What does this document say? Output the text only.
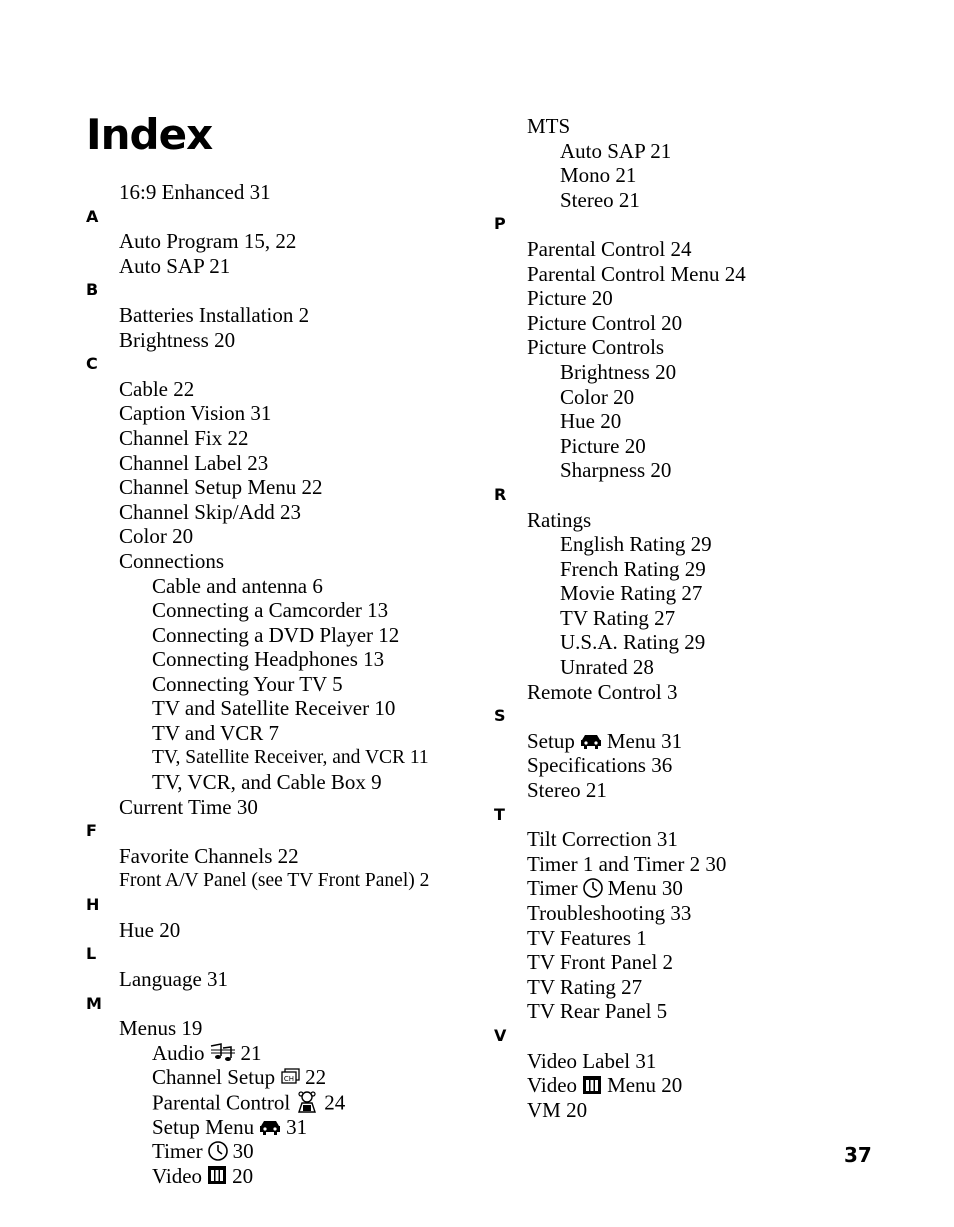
Index
16:9 Enhanced 31
A
Auto Program 15, 22
Auto SAP 21
B
Batteries Installation 2
Brightness 20
C
Cable 22
Caption Vision 31
Channel Fix 22
Channel Label 23
Channel Setup Menu 22
Channel Skip/Add 23
Color 20
Connections
Cable and antenna 6
Connecting a Camcorder 13
Connecting a DVD Player 12
Connecting Headphones 13
Connecting Your TV 5
TV and Satellite Receiver 10
TV and VCR 7
TV, Satellite Receiver, and VCR 11
TV, VCR, and Cable Box 9
Current Time 30
F
Favorite Channels 22
Front A/V Panel (see TV Front Panel) 2
H
Hue 20
L
Language 31
M
Menus 19
Audio 21
Channel Setup CH 22
Parental Control 24
Setup Menu 31
Timer 30
Video 20
MTS
Auto SAP 21
Mono 21
Stereo 21
P
Parental Control 24
Parental Control Menu 24
Picture 20
Picture Control 20
Picture Controls
Brightness 20
Color 20
Hue 20
Picture 20
Sharpness 20
R
Ratings
English Rating 29
French Rating 29
Movie Rating 27
TV Rating 27
U.S.A. Rating 29
Unrated 28
Remote Control 3
S
Setup Menu 31
Specifications 36
Stereo 21
T
Tilt Correction 31
Timer 1 and Timer 2 30
Timer Menu 30
Troubleshooting 33
TV Features 1
TV Front Panel 2
TV Rating 27
TV Rear Panel 5
V
Video Label 31
Video Menu 20
VM 20
37
